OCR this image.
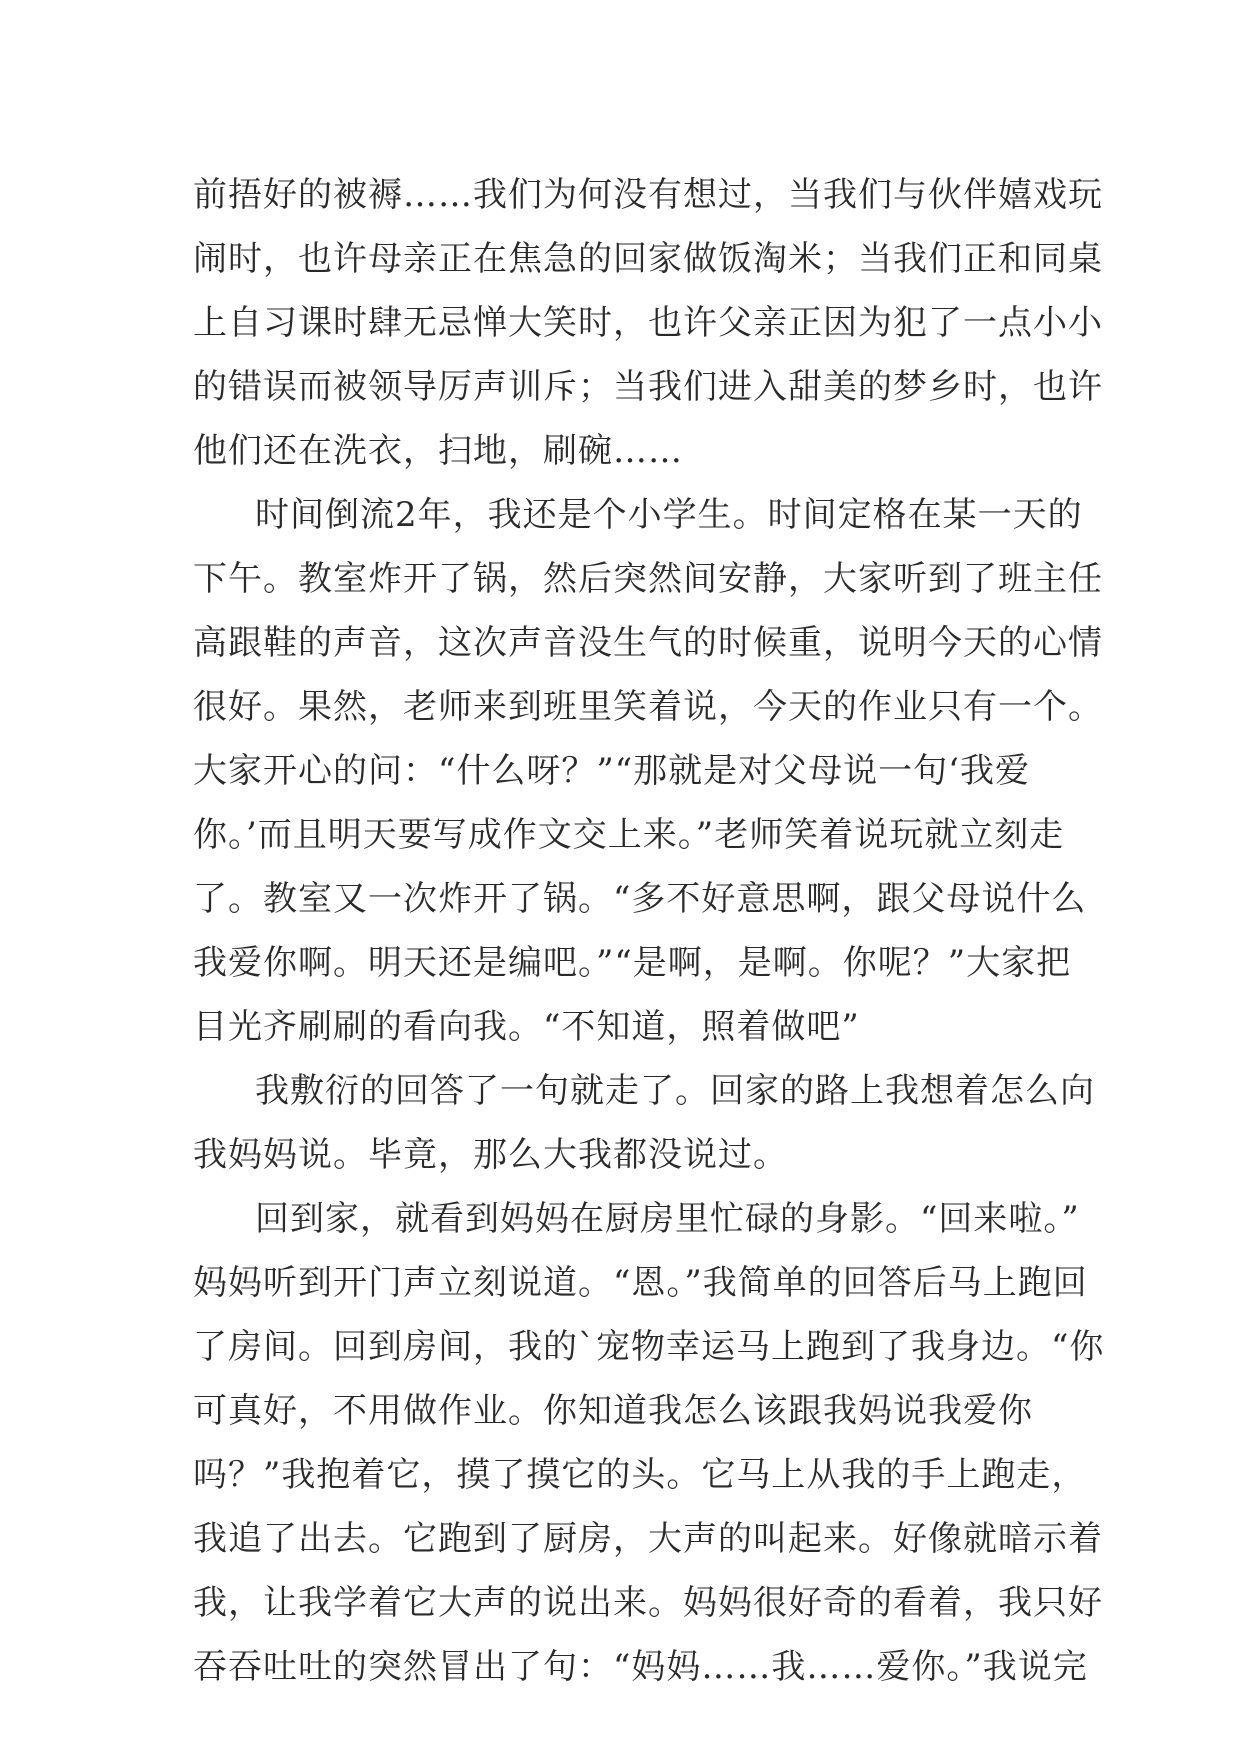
前捂好的被褥……我们为何没有想过，当我们与伙伴嬉戏玩
闹时，也许母亲正在焦急的回家做饭淘米；当我们正和同桌
上自习课时肆无忌惮大笑时，也许父亲正因为犯了一点小小
的错误而被领导厉声训斥；当我们进入甜美的梦乡时，也许
他们还在洗衣，扫地，刷碗……
时间倒流2年，我还是个小学生。时间定格在某一天的
下午。教室炸开了锅，然后突然间安静，大家听到了班主任
高跟鞋的声音，这次声音没生气的时候重，说明今天的心情
很好。果然，老师来到班里笑着说，今天的作业只有一个。
大家开心的问：“什么呀？”“那就是对父母说一句‘我爱
你。’而且明天要写成作文交上来。”老师笑着说玩就立刻走
了。教室又一次炸开了锅。“多不好意思啊，跟父母说什么
我爱你啊。明天还是编吧。”“是啊，是啊。你呢？”大家把
目光齐刷刷的看向我。“不知道，照着做吧”
我敷衍的回答了一句就走了。回家的路上我想着怎么向
我妈妈说。毕竟，那么大我都没说过。
回到家，就看到妈妈在厨房里忙碌的身影。“回来啦。”
妈妈听到开门声立刻说道。“恩。”我简单的回答后马上跑回
了房间。回到房间，我的`宠物幸运马上跑到了我身边。“你
可真好，不用做作业。你知道我怎么该跟我妈说我爱你
吗？”我抱着它，摸了摸它的头。它马上从我的手上跑走，
我追了出去。它跑到了厨房，大声的叫起来。好像就暗示着
我，让我学着它大声的说出来。妈妈很好奇的看着，我只好
吞吞吐吐的突然冒出了句：“妈妈……我……爱你。”我说完
